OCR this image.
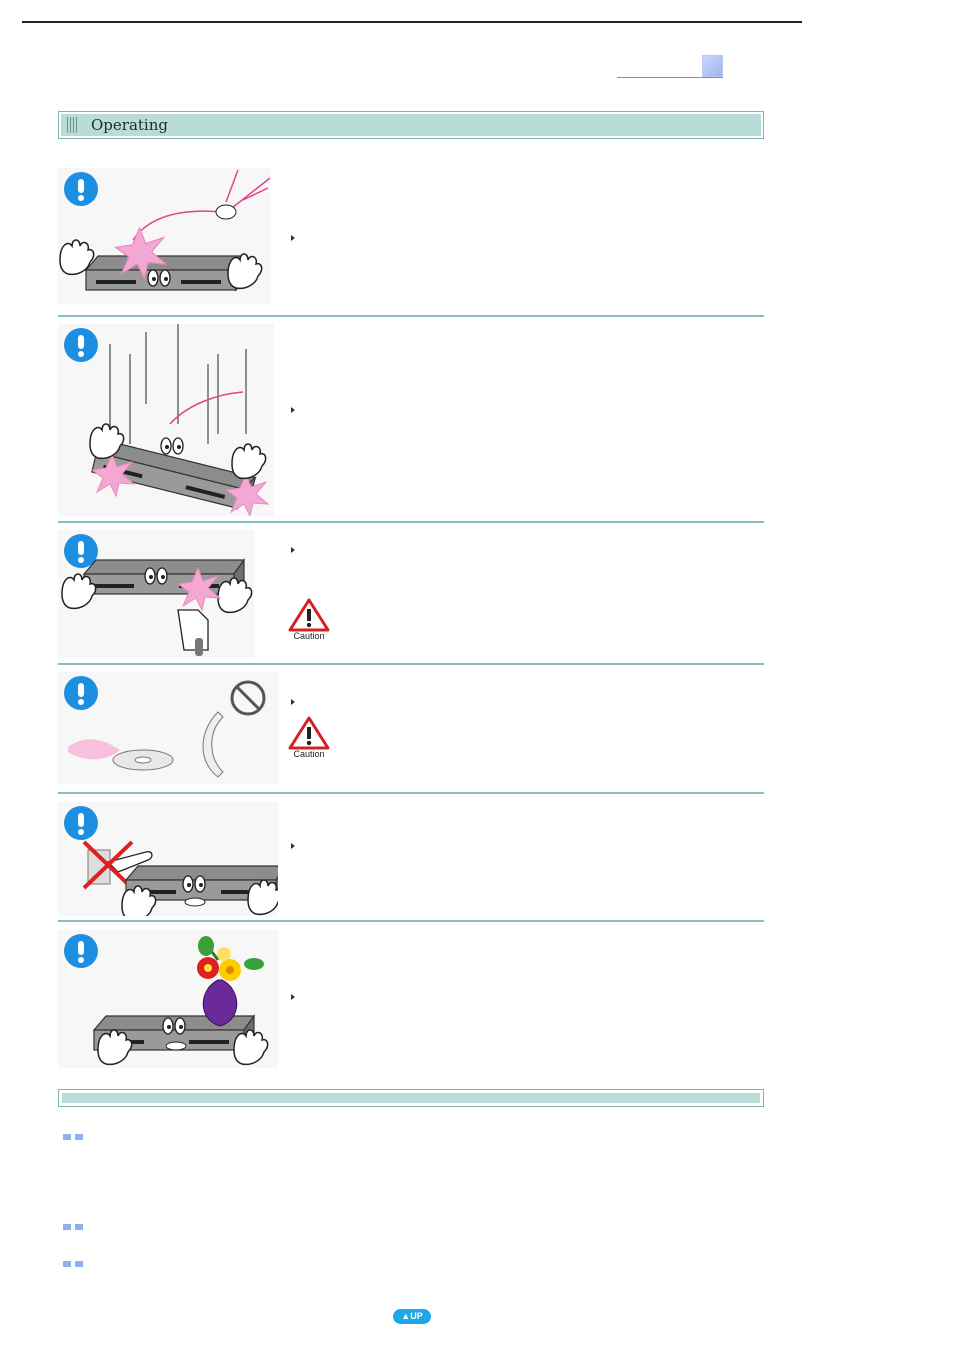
Operating
Caution
Caution
▲UP
